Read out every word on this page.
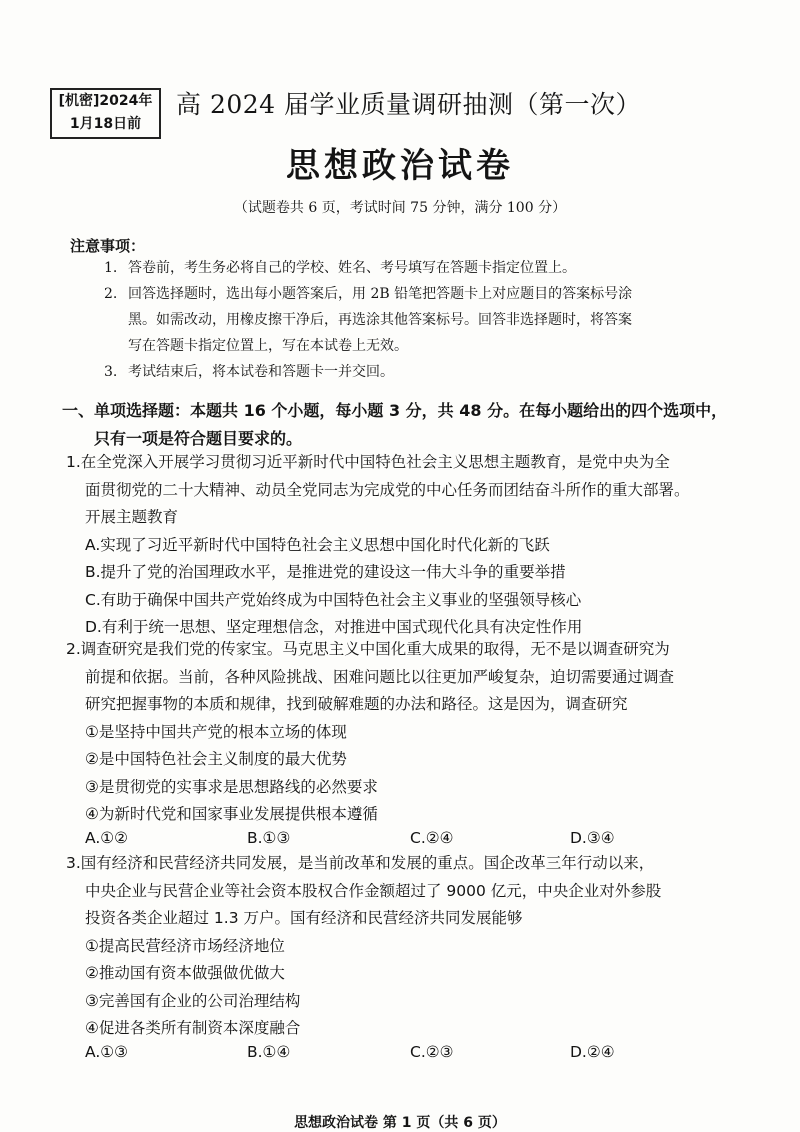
[机密]2024年
1月18日前
高 2024 届学业质量调研抽测（第一次）
思想政治试卷
（试题卷共 6 页，考试时间 75 分钟，满分 100 分）
注意事项：
1. 答卷前，考生务必将自己的学校、姓名、考号填写在答题卡指定位置上。
2. 回答选择题时，选出每小题答案后，用 2B 铅笔把答题卡上对应题目的答案标号涂
黑。如需改动，用橡皮擦干净后，再选涂其他答案标号。回答非选择题时，将答案
写在答题卡指定位置上，写在本试卷上无效。
3. 考试结束后，将本试卷和答题卡一并交回。
一、单项选择题：本题共 16 个小题，每小题 3 分，共 48 分。在每小题给出的四个选项中，
只有一项是符合题目要求的。
1.在全党深入开展学习贯彻习近平新时代中国特色社会主义思想主题教育，是党中央为全
面贯彻党的二十大精神、动员全党同志为完成党的中心任务而团结奋斗所作的重大部署。
开展主题教育
A.实现了习近平新时代中国特色社会主义思想中国化时代化新的飞跃
B.提升了党的治国理政水平，是推进党的建设这一伟大斗争的重要举措
C.有助于确保中国共产党始终成为中国特色社会主义事业的坚强领导核心
D.有利于统一思想、坚定理想信念，对推进中国式现代化具有决定性作用
2.调查研究是我们党的传家宝。马克思主义中国化重大成果的取得，无不是以调查研究为
前提和依据。当前，各种风险挑战、困难问题比以往更加严峻复杂，迫切需要通过调查
研究把握事物的本质和规律，找到破解难题的办法和路径。这是因为，调查研究
①是坚持中国共产党的根本立场的体现
②是中国特色社会主义制度的最大优势
③是贯彻党的实事求是思想路线的必然要求
④为新时代党和国家事业发展提供根本遵循
A.①②	B.①③	C.②④	D.③④
3.国有经济和民营经济共同发展，是当前改革和发展的重点。国企改革三年行动以来，
中央企业与民营企业等社会资本股权合作金额超过了 9000 亿元，中央企业对外参股
投资各类企业超过 1.3 万户。国有经济和民营经济共同发展能够
①提高民营经济市场经济地位
②推动国有资本做强做优做大
③完善国有企业的公司治理结构
④促进各类所有制资本深度融合
A.①③	B.①④	C.②③	D.②④
思想政治试卷 第 1 页（共 6 页）
